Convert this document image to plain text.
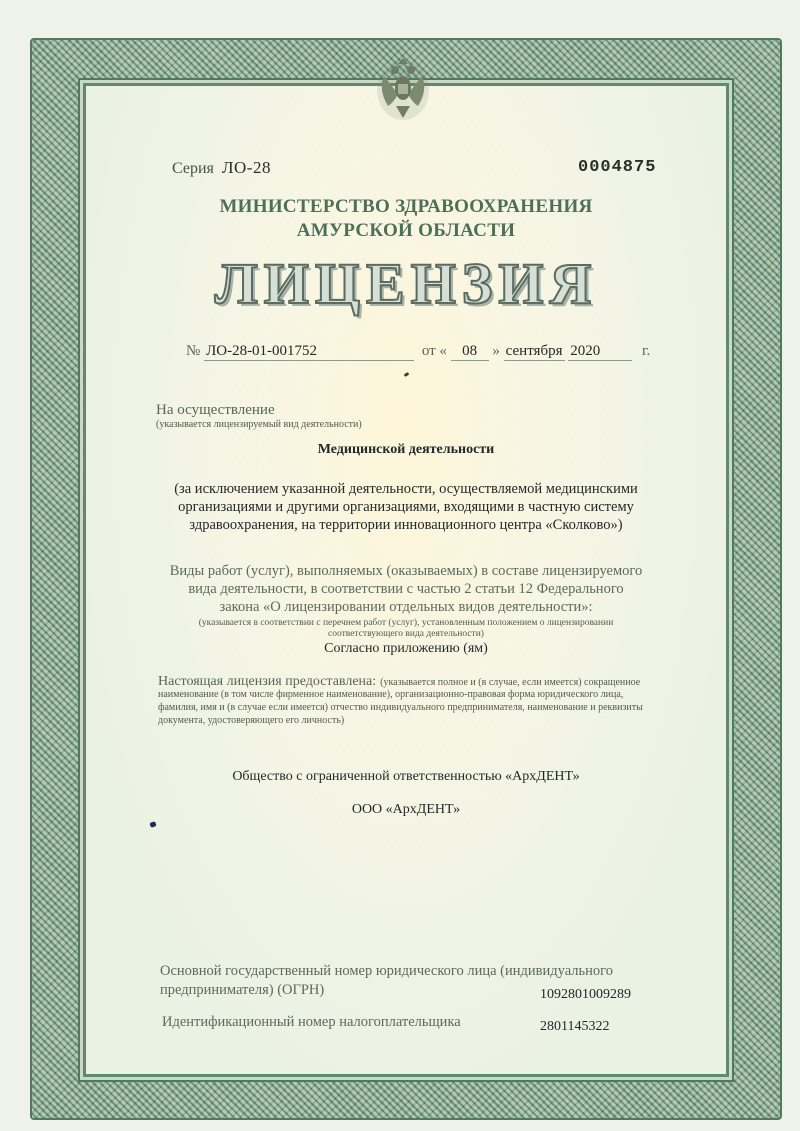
Серия ЛО-28	0004875
МИНИСТЕРСТВО ЗДРАВООХРАНЕНИЯ
АМУРСКОЙ ОБЛАСТИ
ЛИЦЕНЗИЯ
№ ЛО-28-01-001752	от « 08 » сентября 2020	г.
На осуществление
(указывается лицензируемый вид деятельности)
Медицинской деятельности
(за исключением указанной деятельности, осуществляемой медицинскими
организациями и другими организациями, входящими в частную систему
здравоохранения, на территории инновационного центра «Сколково»)
Виды работ (услуг), выполняемых (оказываемых) в составе лицензируемого
вида деятельности, в соответствии с частью 2 статьи 12 Федерального
закона «О лицензировании отдельных видов деятельности»:
(указывается в соответствии с перечнем работ (услуг), установленным положением о лицензировании
соответствующего вида деятельности)
Согласно приложению (ям)
Настоящая лицензия предоставлена: (указывается полное и (в случае, если имеется) сокращенное
наименование (в том числе фирменное наименование), организационно-правовая форма юридического лица,
фамилия, имя и (в случае если имеется) отчество индивидуального предпринимателя, наименование и реквизиты
документа, удостоверяющего его личность)
Общество с ограниченной ответственностью «АрхДЕНТ»
ООО «АрхДЕНТ»
Основной государственный номер юридического лица (индивидуального
предпринимателя) (ОГРН)	1092801009289
Идентификационный номер налогоплательщика	2801145322
